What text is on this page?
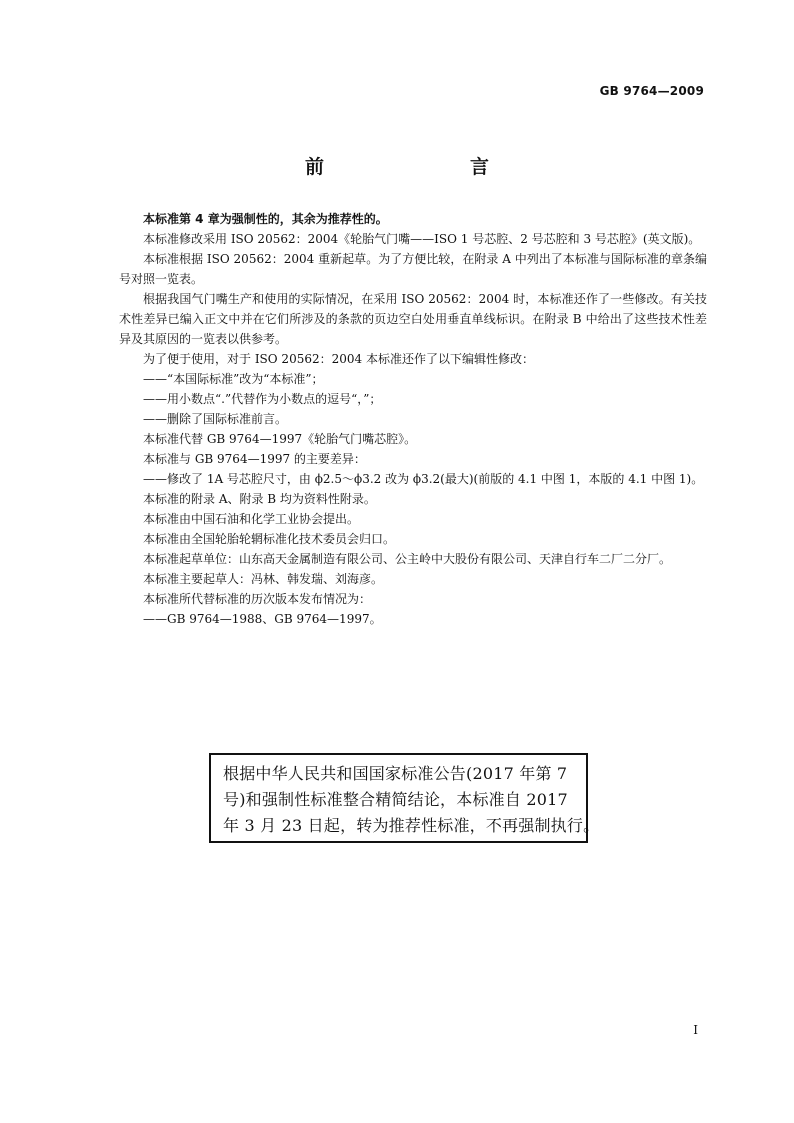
GB 9764—2009
前　　言

本标准第 4 章为强制性的，其余为推荐性的。

本标准修改采用 ISO 20562：2004《轮胎气门嘴——ISO 1 号芯腔、2 号芯腔和 3 号芯腔》(英文版)。

本标准根据 ISO 20562：2004 重新起草。为了方便比较，在附录 A 中列出了本标准与国际标准的章条编号对照一览表。

根据我国气门嘴生产和使用的实际情况，在采用 ISO 20562：2004 时，本标准还作了一些修改。有关技术性差异已编入正文中并在它们所涉及的条款的页边空白处用垂直单线标识。在附录 B 中给出了这些技术性差异及其原因的一览表以供参考。

为了便于使用，对于 ISO 20562：2004 本标准还作了以下编辑性修改：

——“本国际标准”改为“本标准”；

——用小数点“.”代替作为小数点的逗号“，”；

——删除了国际标准前言。

本标准代替 GB 9764—1997《轮胎气门嘴芯腔》。

本标准与 GB 9764—1997 的主要差异：

——修改了 1A 号芯腔尺寸，由 ϕ2.5～ϕ3.2 改为 ϕ3.2(最大)(前版的 4.1 中图 1，本版的 4.1 中图 1)。

本标准的附录 A、附录 B 均为资料性附录。

本标准由中国石油和化学工业协会提出。

本标准由全国轮胎轮辋标准化技术委员会归口。

本标准起草单位：山东高天金属制造有限公司、公主岭中大股份有限公司、天津自行车二厂二分厂。

本标准主要起草人：冯林、韩发瑞、刘海彦。

本标准所代替标准的历次版本发布情况为：

——GB 9764—1988、GB 9764—1997。

根据中华人民共和国国家标准公告(2017 年第 7
号)和强制性标准整合精简结论，本标准自 2017
年 3 月 23 日起，转为推荐性标准，不再强制执行。
I
